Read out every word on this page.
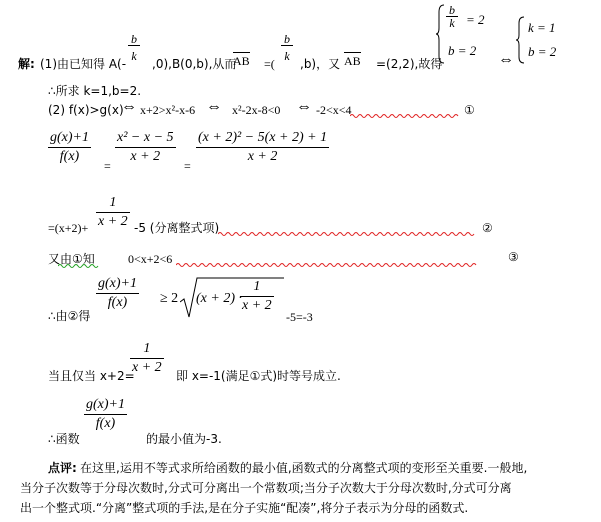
解: (1)由已知得 A(-
b
k
,0),B(0,b),从而
AB =(
b
k
,b)，又 AB =(2,2),故得
b
k = 2
b = 2
⇔
k = 1
b = 2
∴所求 k=1,b=2.
(2) f(x)>g(x)
⇔ x+2>x²-x-6 ⇔ x²-2x-8<0 ⇔ -2<x<4	①
g(x)+1
f(x)
=
x² − x − 5
x + 2
=
(x + 2)² − 5(x + 2) + 1
x + 2
=(x+2)+
1
x + 2 -5 (分离整式项)	②
又由①知	0<x+2<6	③
∴由②得
g(x)+1
f(x) ≥ 2 (x + 2) ·
1
x + 2
-5=-3
当且仅当 x+2=
1
x + 2
即 x=-1(满足①式)时等号成立.
∴函数
g(x)+1
f(x)
的最小值为-3.
点评: 在这里,运用不等式求所给函数的最小值,函数式的分离整式项的变形至关重要.一般地,
当分子次数等于分母次数时,分式可分离出一个常数项;当分子次数大于分母次数时,分式可分离
出一个整式项.“分离”整式项的手法,是在分子实施“配凑”,将分子表示为分母的函数式.
